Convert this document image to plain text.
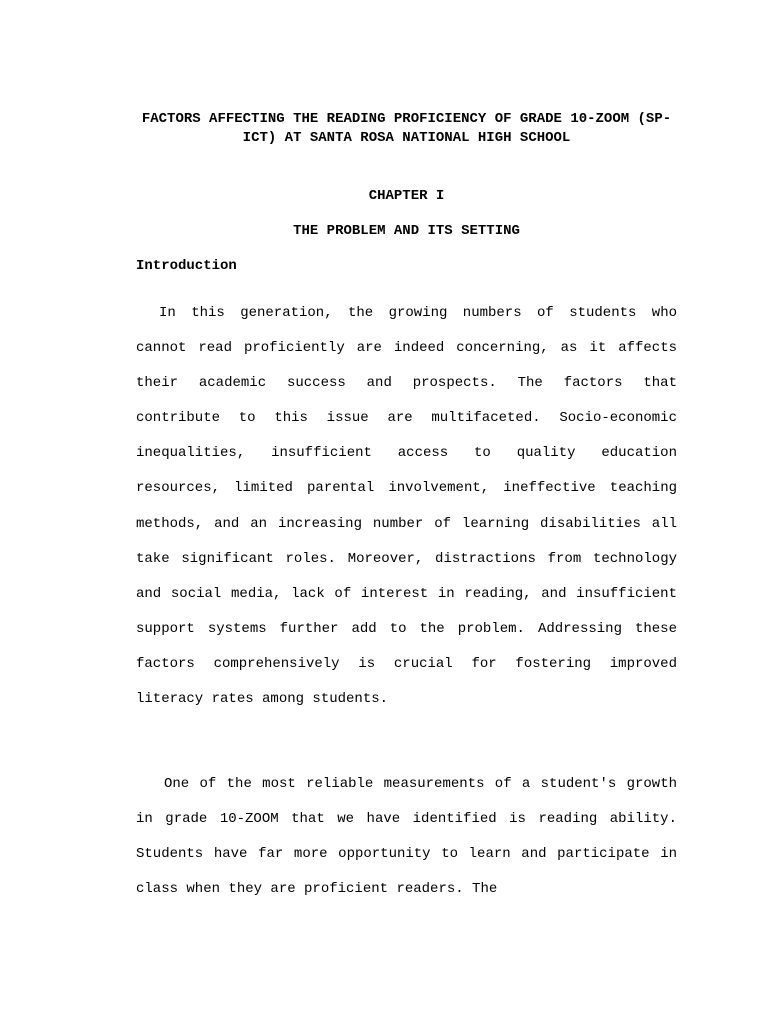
FACTORS AFFECTING THE READING PROFICIENCY OF GRADE 10-ZOOM (SP-ICT) AT SANTA ROSA NATIONAL HIGH SCHOOL
CHAPTER I
THE PROBLEM AND ITS SETTING
Introduction

In this generation, the growing numbers of students who cannot read proficiently are indeed concerning, as it affects their academic success and prospects. The factors that contribute to this issue are multifaceted. Socio-economic inequalities, insufficient access to quality education resources, limited parental involvement, ineffective teaching methods, and an increasing number of learning disabilities all take significant roles. Moreover, distractions from technology and social media, lack of interest in reading, and insufficient support systems further add to the problem. Addressing these factors comprehensively is crucial for fostering improved literacy rates among students.

One of the most reliable measurements of a student's growth in grade 10-ZOOM that we have identified is reading ability. Students have far more opportunity to learn and participate in class when they are proficient readers. The
